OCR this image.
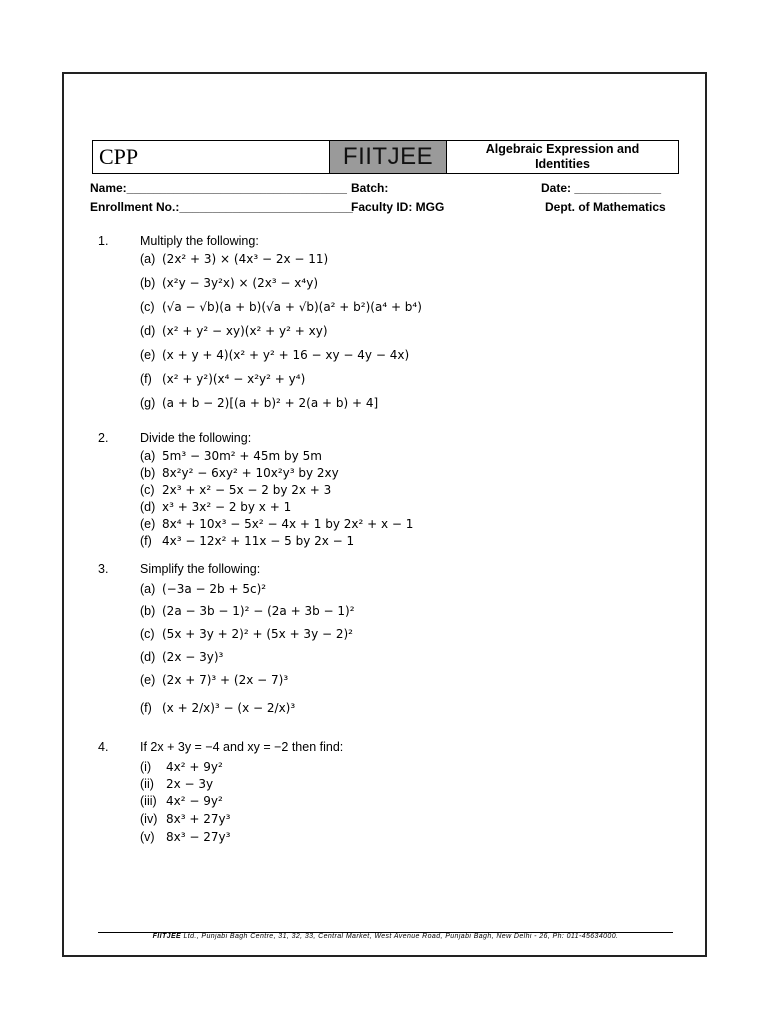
CPP	FIITJEE	Algebraic Expression and
Identities
Name:_________________________________ Batch:	Date: _____________
Enrollment No.:__________________________
Faculty ID: MGG	Dept. of Mathematics
1.	Multiply the following:
(a) (2x² + 3) × (4x³ − 2x − 11)
(b) (x²y − 3y²x) × (2x³ − x⁴y)
(c) (√a − √b)(a + b)(√a + √b)(a² + b²)(a⁴ + b⁴)
(d) (x² + y² − xy)(x² + y² + xy)
(e) (x + y + 4)(x² + y² + 16 − xy − 4y − 4x)
(f) (x² + y²)(x⁴ − x²y² + y⁴)
(g) (a + b − 2)[(a + b)² + 2(a + b) + 4]
2.	Divide the following:
(a) 5m³ − 30m² + 45m by 5m
(b) 8x²y² − 6xy² + 10x²y³ by 2xy
(c) 2x³ + x² − 5x − 2 by 2x + 3
(d) x³ + 3x² − 2 by x + 1
(e) 8x⁴ + 10x³ − 5x² − 4x + 1 by 2x² + x − 1
(f) 4x³ − 12x² + 11x − 5 by 2x − 1
3.	Simplify the following:
(a) (−3a − 2b + 5c)²
(b) (2a − 3b − 1)² − (2a + 3b − 1)²
(c) (5x + 3y + 2)² + (5x + 3y − 2)²
(d) (2x − 3y)³
(e) (2x + 7)³ + (2x − 7)³
(f) (x + 2/x)³ − (x − 2/x)³
4.	If 2x + 3y = −4 and xy = −2 then find:
(i) 4x² + 9y²
(ii) 2x − 3y
(iii) 4x² − 9y²
(iv) 8x³ + 27y³
(v) 8x³ − 27y³
FIITJEE Ltd., Punjabi Bagh Centre, 31, 32, 33, Central Market, West Avenue Road, Punjabi Bagh, New Delhi - 26, Ph: 011-45634000.
